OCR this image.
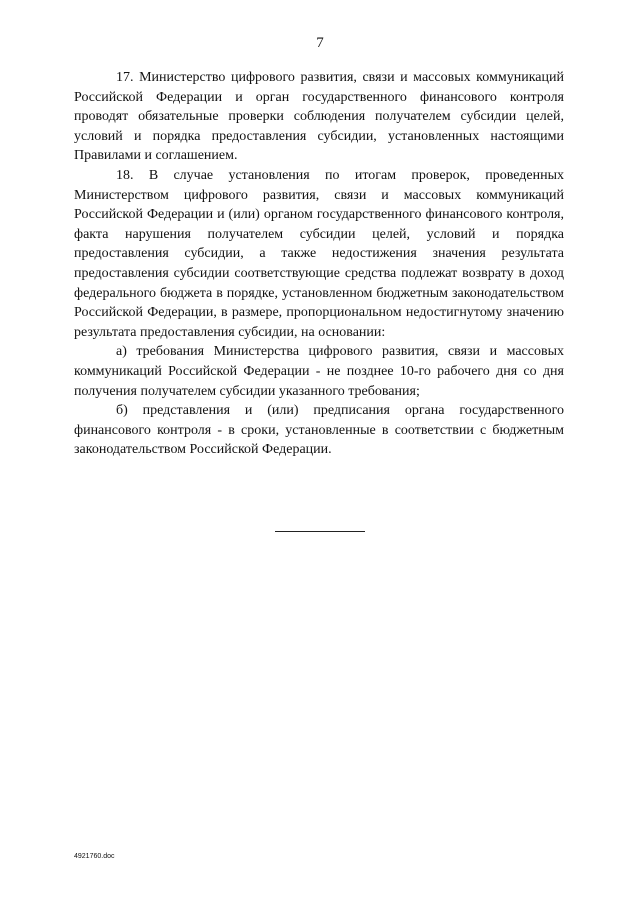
7

17. Министерство цифрового развития, связи и массовых коммуникаций Российской Федерации и орган государственного финансового контроля проводят обязательные проверки соблюдения получателем субсидии целей, условий и порядка предоставления субсидии, установленных настоящими Правилами и соглашением.

18. В случае установления по итогам проверок, проведенных Министерством цифрового развития, связи и массовых коммуникаций Российской Федерации и (или) органом государственного финансового контроля, факта нарушения получателем субсидии целей, условий и порядка предоставления субсидии, а также недостижения значения результата предоставления субсидии соответствующие средства подлежат возврату в доход федерального бюджета в порядке, установленном бюджетным законодательством Российской Федерации, в размере, пропорциональном недостигнутому значению результата предоставления субсидии, на основании:

а) требования Министерства цифрового развития, связи и массовых коммуникаций Российской Федерации - не позднее 10-го рабочего дня со дня получения получателем субсидии указанного требования;

б) представления и (или) предписания органа государственного финансового контроля - в сроки, установленные в соответствии с бюджетным законодательством Российской Федерации.

4921760.doc
